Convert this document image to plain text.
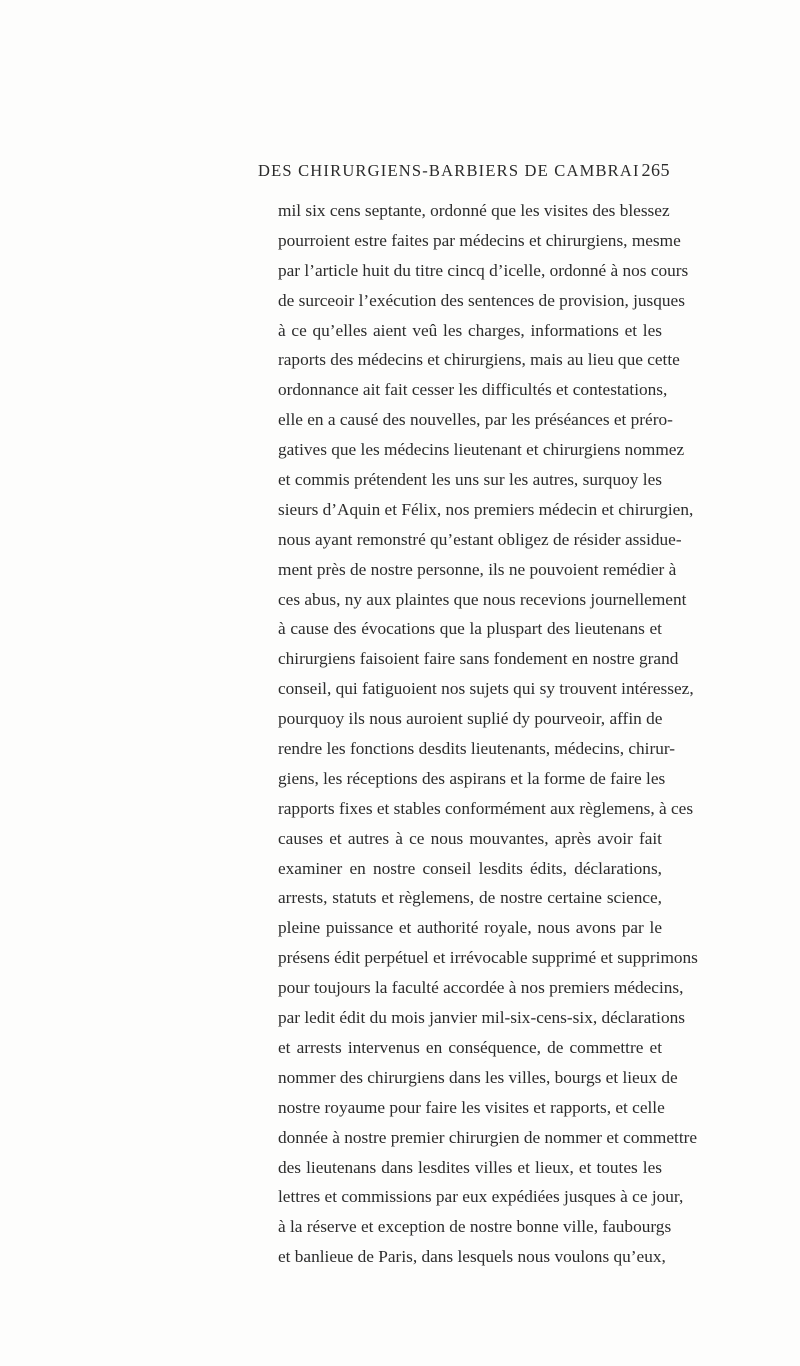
DES CHIRURGIENS-BARBIERS DE CAMBRAI 265
mil six cens septante, ordonné que les visites des blessez
pourroient estre faites par médecins et chirurgiens, mesme
par l’article huit du titre cincq d’icelle, ordonné à nos cours
de surceoir l’exécution des sentences de provision, jusques
à ce qu’elles aient veû les charges, informations et les
raports des médecins et chirurgiens, mais au lieu que cette
ordonnance ait fait cesser les difficultés et contestations,
elle en a causé des nouvelles, par les préséances et préro-
gatives que les médecins lieutenant et chirurgiens nommez
et commis prétendent les uns sur les autres, surquoy les
sieurs d’Aquin et Félix, nos premiers médecin et chirurgien,
nous ayant remonstré qu’estant obligez de résider assidue-
ment près de nostre personne, ils ne pouvoient remédier à
ces abus, ny aux plaintes que nous recevions journellement
à cause des évocations que la pluspart des lieutenans et
chirurgiens faisoient faire sans fondement en nostre grand
conseil, qui fatiguoient nos sujets qui sy trouvent intéressez,
pourquoy ils nous auroient suplié dy pourveoir, affin de
rendre les fonctions desdits lieutenants, médecins, chirur-
giens, les réceptions des aspirans et la forme de faire les
rapports fixes et stables conformément aux règlemens, à ces
causes et autres à ce nous mouvantes, après avoir fait
examiner en nostre conseil lesdits édits, déclarations,
arrests, statuts et règlemens, de nostre certaine science,
pleine puissance et authorité royale, nous avons par le
présens édit perpétuel et irrévocable supprimé et supprimons
pour toujours la faculté accordée à nos premiers médecins,
par ledit édit du mois janvier mil-six-cens-six, déclarations
et arrests intervenus en conséquence, de commettre et
nommer des chirurgiens dans les villes, bourgs et lieux de
nostre royaume pour faire les visites et rapports, et celle
donnée à nostre premier chirurgien de nommer et commettre
des lieutenans dans lesdites villes et lieux, et toutes les
lettres et commissions par eux expédiées jusques à ce jour,
à la réserve et exception de nostre bonne ville, faubourgs
et banlieue de Paris, dans lesquels nous voulons qu’eux,
